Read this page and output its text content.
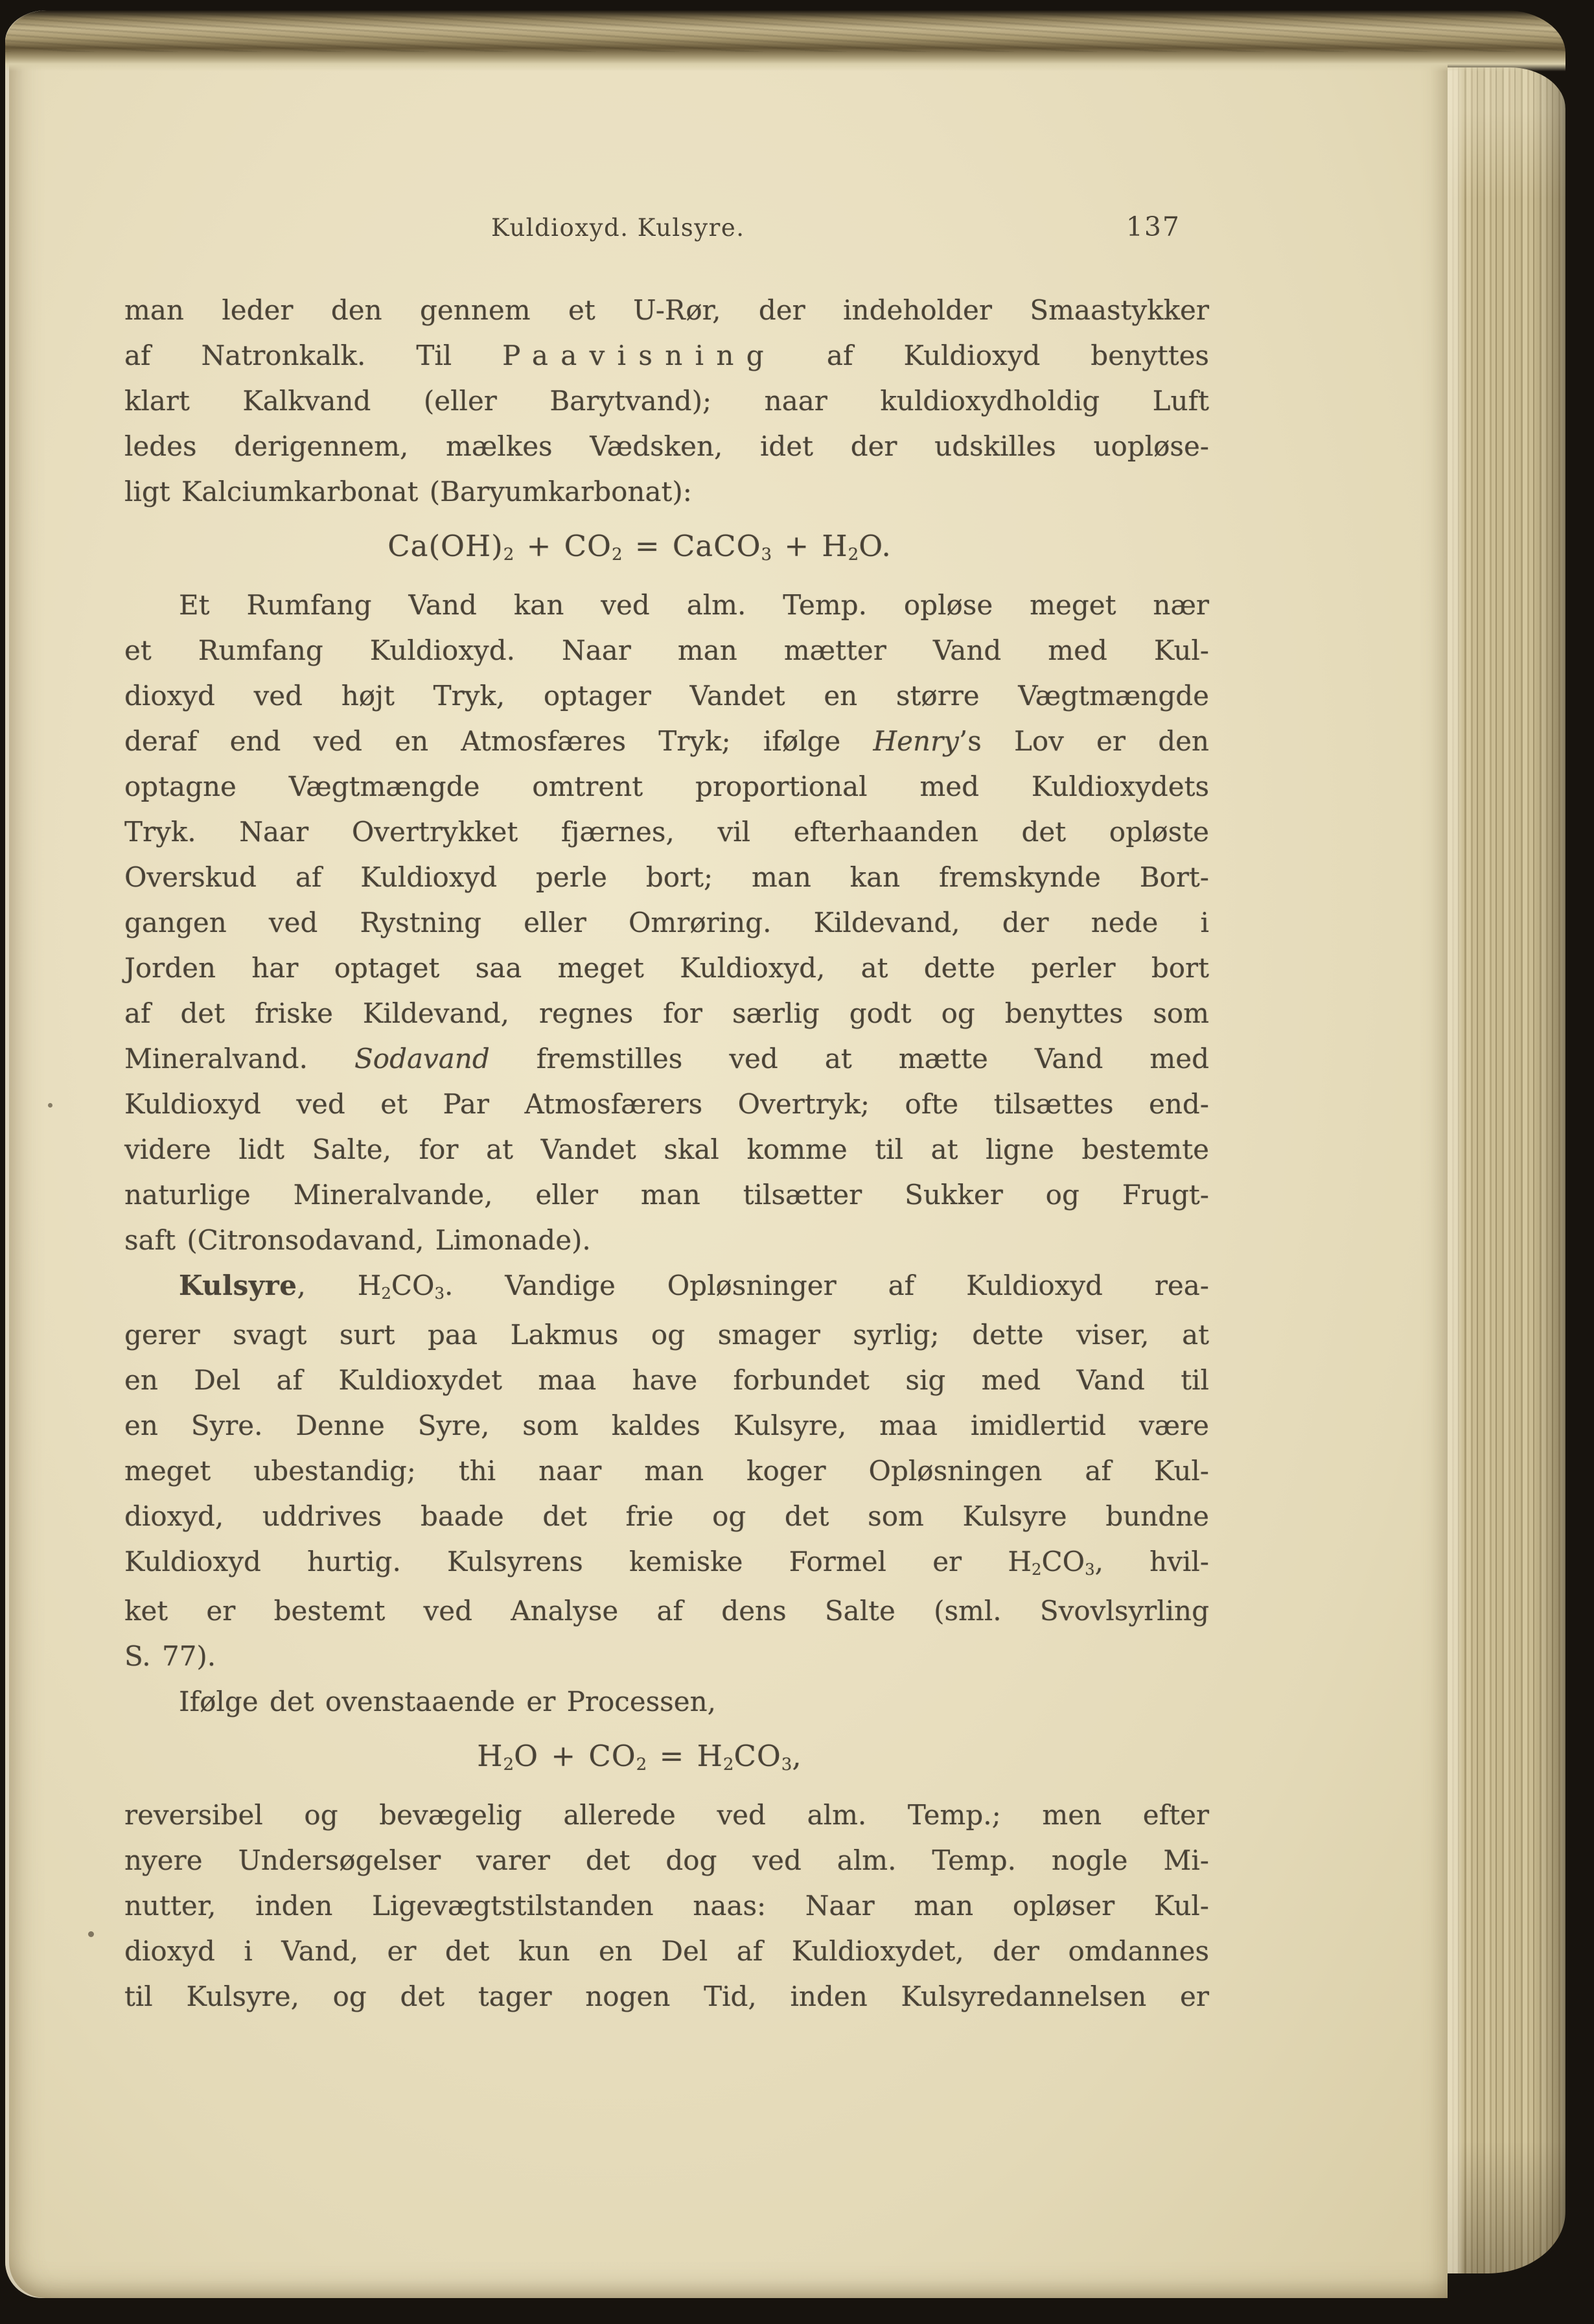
Kuldioxyd. Kulsyre.	137
man leder den gennem et U-Rør, der indeholder Smaastykker
af Natronkalk. Til Paavisning af Kuldioxyd benyttes
klart Kalkvand (eller Barytvand); naar kuldioxydholdig Luft
ledes derigennem, mælkes Vædsken, idet der udskilles uopløse-
ligt Kalciumkarbonat (Baryumkarbonat):
Ca(OH)2 + CO2 = CaCO3 + H2O.
Et Rumfang Vand kan ved alm. Temp. opløse meget nær
et Rumfang Kuldioxyd. Naar man mætter Vand med Kul-
dioxyd ved højt Tryk, optager Vandet en større Vægtmængde
deraf end ved en Atmosfæres Tryk; ifølge Henry’s Lov er den
optagne Vægtmængde omtrent proportional med Kuldioxydets
Tryk. Naar Overtrykket fjærnes, vil efterhaanden det opløste
Overskud af Kuldioxyd perle bort; man kan fremskynde Bort-
gangen ved Rystning eller Omrøring. Kildevand, der nede i
Jorden har optaget saa meget Kuldioxyd, at dette perler bort
af det friske Kildevand, regnes for særlig godt og benyttes som
Mineralvand. Sodavand fremstilles ved at mætte Vand med
Kuldioxyd ved et Par Atmosfærers Overtryk; ofte tilsættes end-
videre lidt Salte, for at Vandet skal komme til at ligne bestemte
naturlige Mineralvande, eller man tilsætter Sukker og Frugt-
saft (Citronsodavand, Limonade).
Kulsyre, H2CO3. Vandige Opløsninger af Kuldioxyd rea-
gerer svagt surt paa Lakmus og smager syrlig; dette viser, at
en Del af Kuldioxydet maa have forbundet sig med Vand til
en Syre. Denne Syre, som kaldes Kulsyre, maa imidlertid være
meget ubestandig; thi naar man koger Opløsningen af Kul-
dioxyd, uddrives baade det frie og det som Kulsyre bundne
Kuldioxyd hurtig. Kulsyrens kemiske Formel er H2CO3, hvil-
ket er bestemt ved Analyse af dens Salte (sml. Svovlsyrling
S. 77).
Ifølge det ovenstaaende er Processen,
H2O + CO2 = H2CO3,
reversibel og bevægelig allerede ved alm. Temp.; men efter
nyere Undersøgelser varer det dog ved alm. Temp. nogle Mi-
nutter, inden Ligevægtstilstanden naas: Naar man opløser Kul-
dioxyd i Vand, er det kun en Del af Kuldioxydet, der omdannes
til Kulsyre, og det tager nogen Tid, inden Kulsyredannelsen er
